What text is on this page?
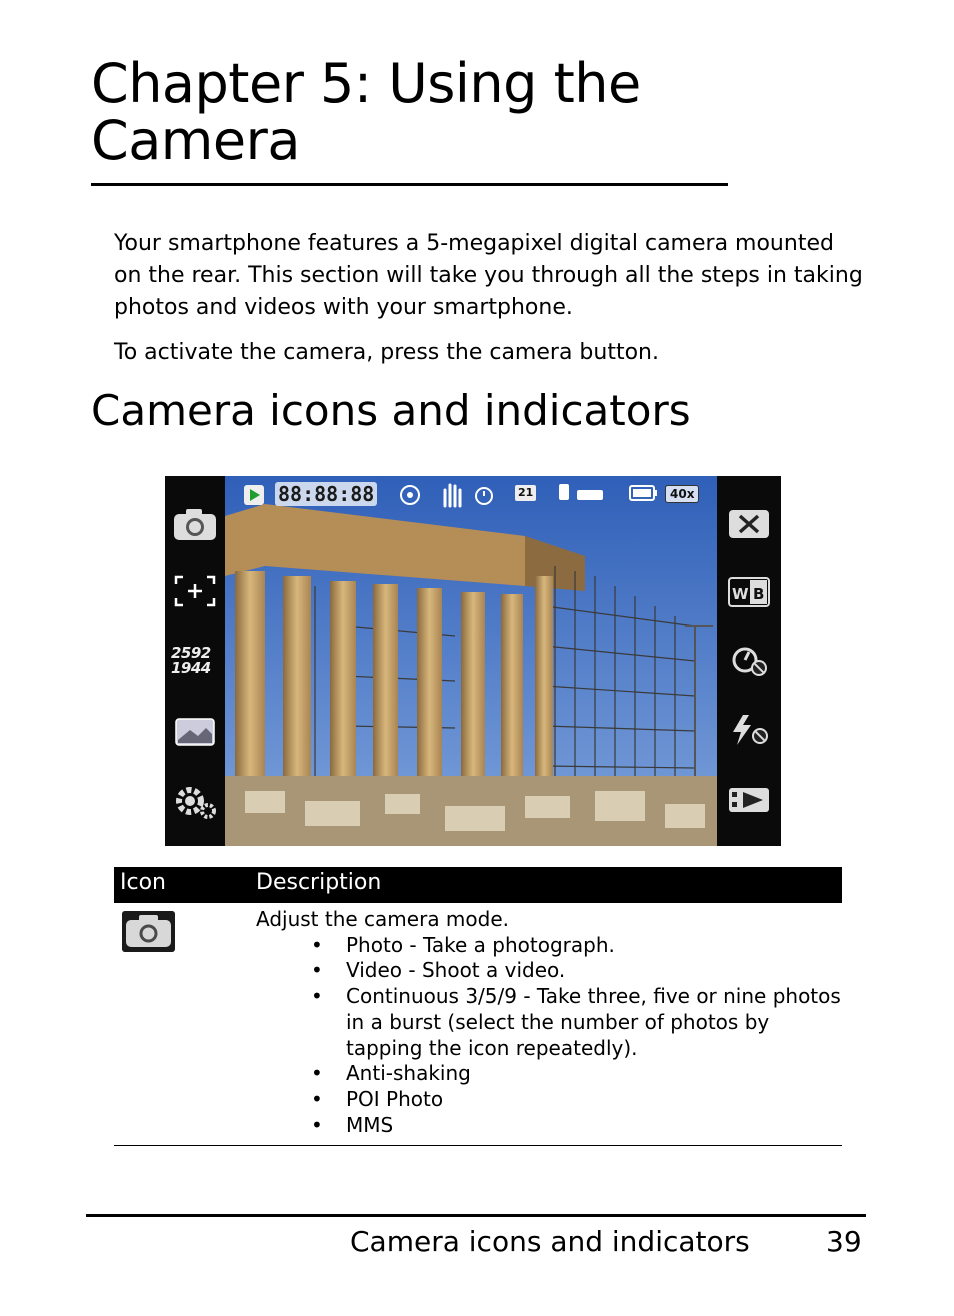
Chapter 5: Using the Camera

Your smartphone features a 5-megapixel digital camera mounted on the rear. This section will take you through all the steps in taking photos and videos with your smartphone.

To activate the camera, press the camera button.

Camera icons and indicators
88:88:88	21	40x
2592
1944
W B
Icon	Description
Adjust the camera mode.
• Photo - Take a photograph.
• Video - Shoot a video.
• Continuous 3/5/9 - Take three, five or nine photos in a burst (select the number of photos by tapping the icon repeatedly).
• Anti-shaking
• POI Photo
• MMS
Camera icons and indicators	39
